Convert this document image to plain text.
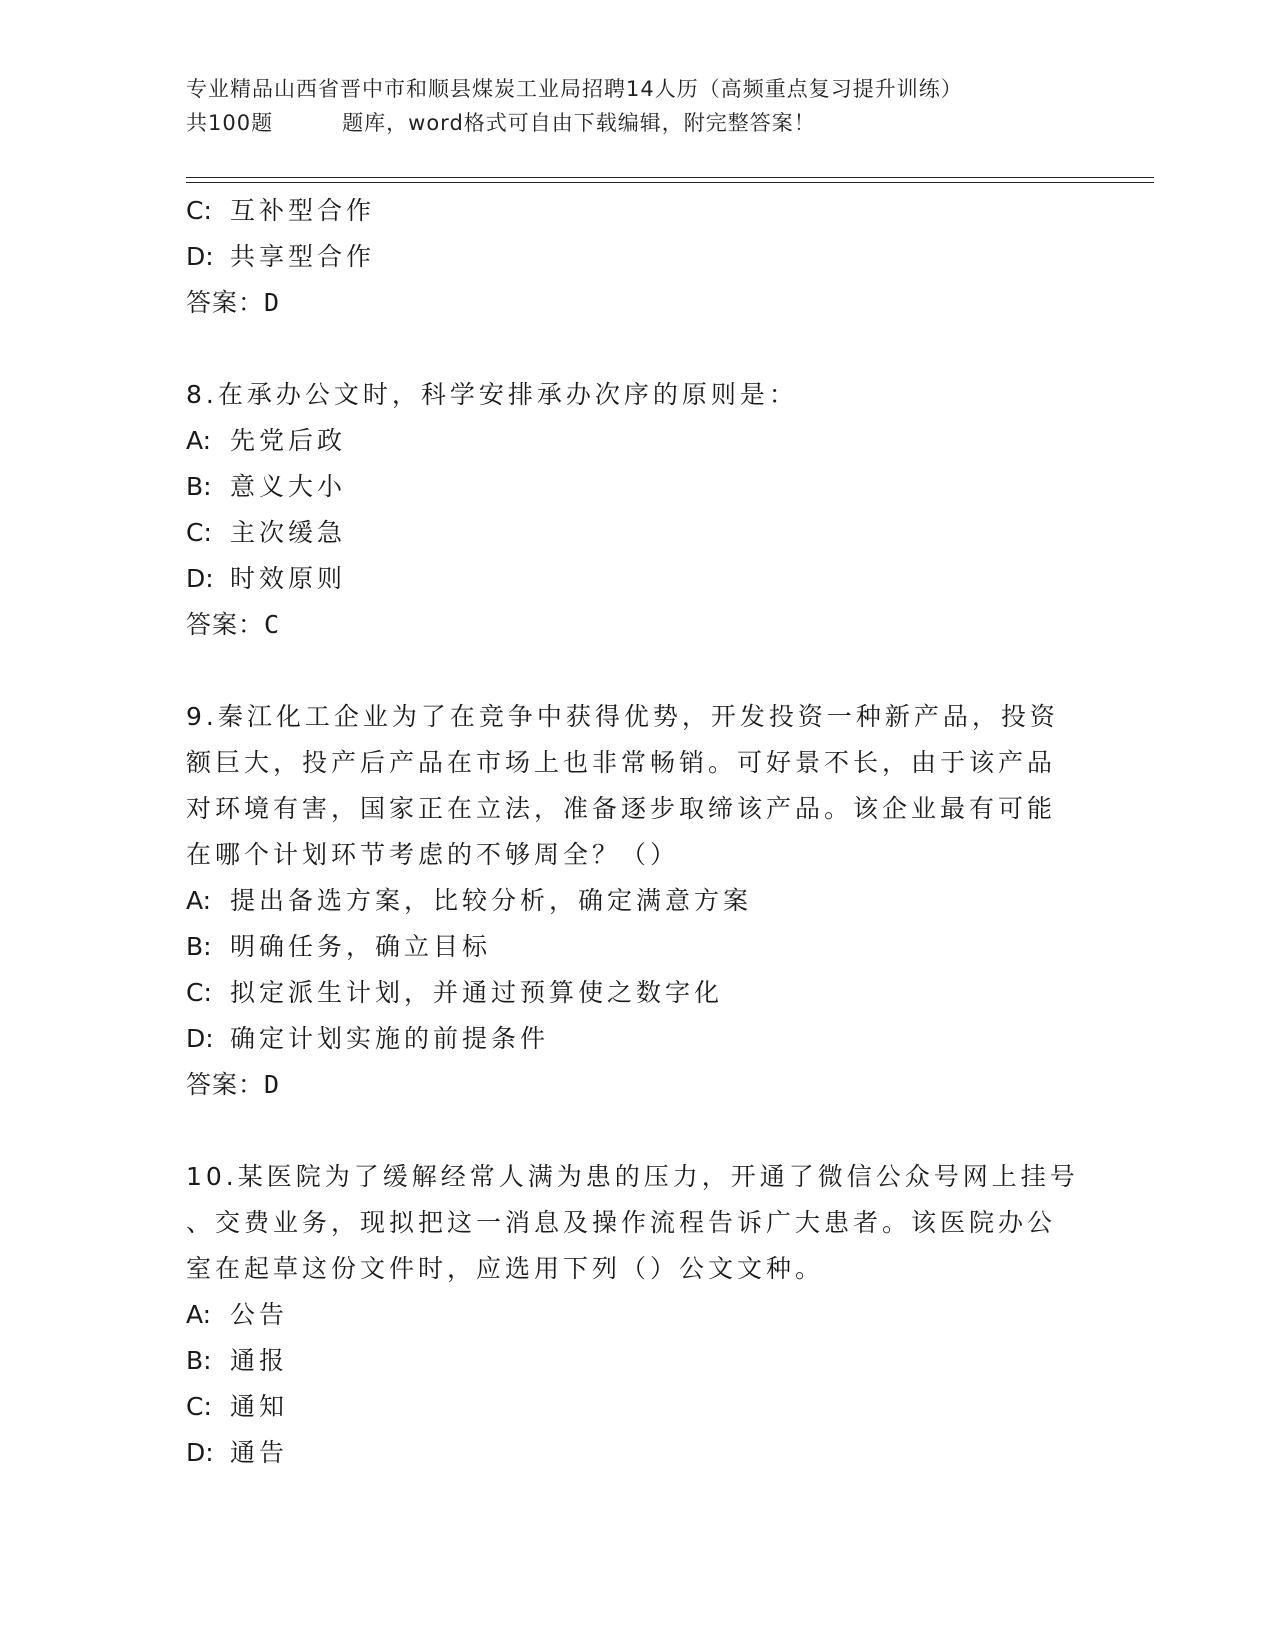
专业精品山西省晋中市和顺县煤炭工业局招聘14人历（高频重点复习提升训练）
共100题         题库，word格式可自由下载编辑，附完整答案！
C: 互补型合作
D: 共享型合作
答案：D
8.在承办公文时，科学安排承办次序的原则是：
A: 先党后政
B: 意义大小
C: 主次缓急
D: 时效原则
答案：C
9.秦江化工企业为了在竞争中获得优势，开发投资一种新产品，投资
额巨大，投产后产品在市场上也非常畅销。可好景不长，由于该产品
对环境有害，国家正在立法，准备逐步取缔该产品。该企业最有可能
在哪个计划环节考虑的不够周全？（）
A: 提出备选方案，比较分析，确定满意方案
B: 明确任务，确立目标
C: 拟定派生计划，并通过预算使之数字化
D: 确定计划实施的前提条件
答案：D
10.某医院为了缓解经常人满为患的压力，开通了微信公众号网上挂号
、交费业务，现拟把这一消息及操作流程告诉广大患者。该医院办公
室在起草这份文件时，应选用下列（）公文文种。
A: 公告
B: 通报
C: 通知
D: 通告
